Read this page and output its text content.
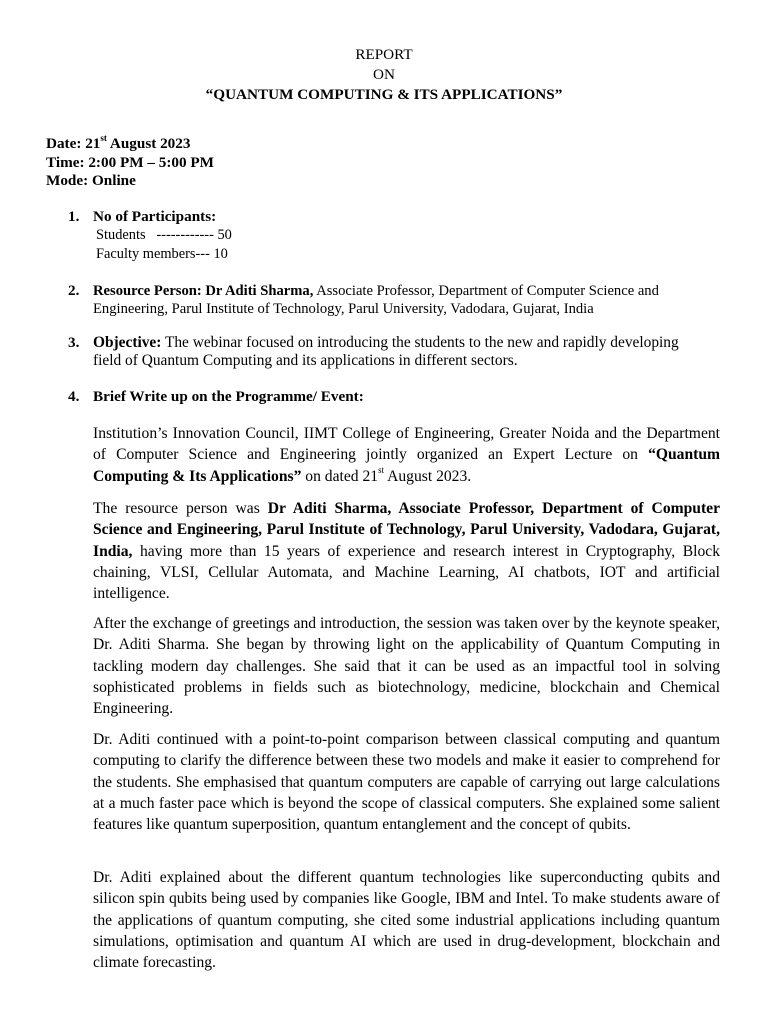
REPORT
ON
“QUANTUM COMPUTING & ITS APPLICATIONS”
Date: 21st August 2023
Time: 2:00 PM – 5:00 PM
Mode: Online
1. No of Participants:
Students   ------------ 50
Faculty members--- 10
2. Resource Person: Dr Aditi Sharma, Associate Professor, Department of Computer Science and Engineering, Parul Institute of Technology, Parul University, Vadodara, Gujarat, India
3. Objective: The webinar focused on introducing the students to the new and rapidly developing field of Quantum Computing and its applications in different sectors.
4. Brief Write up on the Programme/ Event:
Institution’s Innovation Council, IIMT College of Engineering, Greater Noida and the Department of Computer Science and Engineering jointly organized an Expert Lecture on “Quantum Computing & Its Applications” on dated 21st August 2023.
The resource person was Dr Aditi Sharma, Associate Professor, Department of Computer Science and Engineering, Parul Institute of Technology, Parul University, Vadodara, Gujarat, India, having more than 15 years of experience and research interest in Cryptography, Block chaining, VLSI, Cellular Automata, and Machine Learning, AI chatbots, IOT and artificial intelligence.
After the exchange of greetings and introduction, the session was taken over by the keynote speaker, Dr. Aditi Sharma. She began by throwing light on the applicability of Quantum Computing in tackling modern day challenges. She said that it can be used as an impactful tool in solving sophisticated problems in fields such as biotechnology, medicine, blockchain and Chemical Engineering.
Dr. Aditi continued with a point-to-point comparison between classical computing and quantum computing to clarify the difference between these two models and make it easier to comprehend for the students. She emphasised that quantum computers are capable of carrying out large calculations at a much faster pace which is beyond the scope of classical computers. She explained some salient features like quantum superposition, quantum entanglement and the concept of qubits.
Dr. Aditi explained about the different quantum technologies like superconducting qubits and silicon spin qubits being used by companies like Google, IBM and Intel. To make students aware of the applications of quantum computing, she cited some industrial applications including quantum simulations, optimisation and quantum AI which are used in drug-development, blockchain and climate forecasting.
